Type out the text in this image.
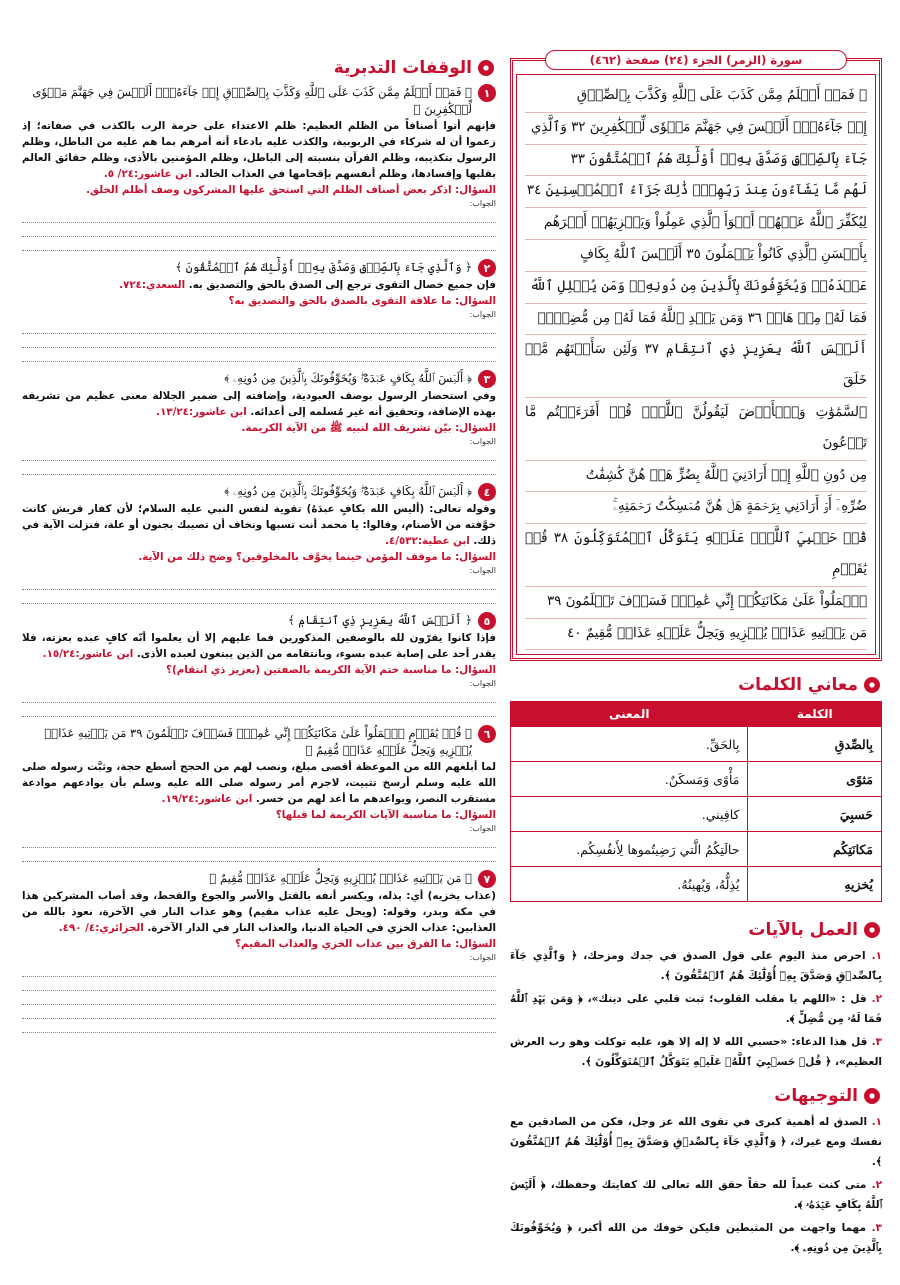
الوقفات التدبرية
١
﴿ فَمَنۡ أَظۡلَمُ مِمَّن كَذَبَ عَلَى ٱللَّهِ وَكَذَّبَ بِٱلصِّدۡقِ إِذۡ جَآءَهُۥٓۚ أَلَيۡسَ فِي جَهَنَّمَ مَثۡوٗى لِّلۡكَٰفِرِينَ ﴾
فإنهم أتوا أصنافاً من الظلم العظيم: ظلم الاعتداء على حرمة الرب بالكذب في صفاته؛ إذ زعموا أن له شركاء في الربوبية، والكذب عليه بادعاء أنه أمرهم بما هم عليه من الباطل، وظلم الرسول بتكذيبه، وظلم القرآن بنسبته إلى الباطل، وظلم المؤمنين بالأذى، وظلم حقائق العالم بقلبها وإفسادها، وظلم أنفسهم بإقحامها في العذاب الخالد. ابن عاشور:٢٤/ ٥.
السؤال: اذكر بعض أصناف الظلم التي استحق عليها المشركون وصف أظلم الخلق.
الجواب:
٢
﴿ وَٱلَّذِي جَآءَ بِٱلصِّدۡقِ وَصَدَّقَ بِهِۦٓ أُوْلَٰٓئِكَ هُمُ ٱلۡمُتَّقُونَ ﴾
فإن جميع خصال التقوى ترجع إلى الصدق بالحق والتصديق به. السعدي:٧٢٤.
السؤال: ما علاقة التقوى بالصدق بالحق والتصديق به؟
الجواب:
٣
﴿ أَلَيۡسَ ٱللَّهُ بِكَافٍ عَبۡدَهُۥۖ وَيُخَوِّفُونَكَ بِٱلَّذِينَ مِن دُونِهِۦ ﴾
وفي استحضار الرسول بوصف العبودية، وإضافته إلى ضمير الجلالة معنى عظيم من تشريفه بهذه الإضافة، وتحقيق أنه غير مُسلمه إلى أعدائه. ابن عاشور:١٣/٢٤.
السؤال: بيّن تشريف الله لنبيه ﷺ من الآية الكريمة.
الجواب:
٤
﴿ أَلَيۡسَ ٱللَّهُ بِكَافٍ عَبۡدَهُۥۖ وَيُخَوِّفُونَكَ بِٱلَّذِينَ مِن دُونِهِۦ ﴾
وقوله تعالى: (أليس الله بكافٍ عبدَهُ) تقوية لنفس النبي عليه السلام؛ لأن كفار قريش كانت خوَّفته من الأصنام، وقالوا: يا محمد أنت تسبها ونخاف أن تصيبك بجنون أو علة، فنزلت الآية في ذلك. ابن عطية:٤/٥٣٢.
السؤال: ما موقف المؤمن حينما يخوَّف بالمخلوقين؟ وضح ذلك من الآية.
الجواب:
٥
﴿ أَلَيۡسَ ٱللَّهُ بِعَزِيزٖ ذِي ٱنتِقَامٖ ﴾
فإذا كانوا يقرّون لله بالوصفين المذكورين فما عليهم إلا أن يعلموا أنّه كافٍ عبده بعزته، فلا يقدر أحد على إصابة عبده بسوء، وبانتقامه من الذين يبتغون لعبده الأذى. ابن عاشور:١٥/٢٤.
السؤال: ما مناسبة ختم الآية الكريمة بالصفتين (بعزيز ذي انتقام)؟
الجواب:
٦
﴿ قُلۡ يَٰقَوۡمِ ٱعۡمَلُواْ عَلَىٰ مَكَانَتِكُمۡ إِنِّي عَٰمِلٞۖ فَسَوۡفَ تَعۡلَمُونَ ٣٩ مَن يَأۡتِيهِ عَذَابٞ يُخۡزِيهِ وَيَحِلُّ عَلَيۡهِ عَذَابٞ مُّقِيمٌ ﴾
لما أبلغهم الله من الموعظة أقصى مبلغ، ونصب لهم من الحجج أسطع حجة، وثبَّت رسوله صلى الله عليه وسلم أرسخ تثبيت، لاجرم أمر رسوله صلى الله عليه وسلم بأن يوادعهم موادعة مستقرب النصر، ويواعدهم ما أعد لهم من خسر. ابن عاشور:١٩/٢٤.
السؤال: ما مناسبة الآيات الكريمة لما قبلها؟
الجواب:
٧
﴿ مَن يَأۡتِيهِ عَذَابٞ يُخۡزِيهِ وَيَحِلُّ عَلَيۡهِ عَذَابٞ مُّقِيمٌ ﴾
(عذاب يخزيه) أي: يذله، ويكسر أنفه بالقتل والأسر والجوع والقحط، وقد أصاب المشركين هذا في مكة وبدر، وقوله: (ويحل عليه عذاب مقيم) وهو عذاب النار في الآخرة، نعوذ بالله من العذابين: عذاب الخزي في الحياة الدنيا، والعذاب النار في الدار الآخرة. الجزائري:٤/ ٤٩٠.
السؤال: ما الفرق بين عذاب الخزي والعذاب المقيم؟
الجواب:
سورة (الزمر) الجزء (٢٤) صفحة (٤٦٢)
۞ فَمَنۡ أَظۡلَمُ مِمَّن كَذَبَ عَلَى ٱللَّهِ وَكَذَّبَ بِٱلصِّدۡقِ
إِذۡ جَآءَهُۥٓۚ أَلَيۡسَ فِي جَهَنَّمَ مَثۡوٗى لِّلۡكَٰفِرِينَ ٣٢ وَٱلَّذِي
جَآءَ بِٱلصِّدۡقِ وَصَدَّقَ بِهِۦٓ أُوْلَٰٓئِكَ هُمُ ٱلۡمُتَّقُونَ ٣٣
لَهُم مَّا يَشَآءُونَ عِندَ رَبِّهِمۡۚ ذَٰلِكَ جَزَآءُ ٱلۡمُحۡسِنِينَ ٣٤
لِيُكَفِّرَ ٱللَّهُ عَنۡهُمۡ أَسۡوَأَ ٱلَّذِي عَمِلُواْ وَيَجۡزِيَهُمۡ أَجۡرَهُم
بِأَحۡسَنِ ٱلَّذِي كَانُواْ يَعۡمَلُونَ ٣٥ أَلَيۡسَ ٱللَّهُ بِكَافٍ
عَبۡدَهُۥۖ وَيُخَوِّفُونَكَ بِٱلَّذِينَ مِن دُونِهِۦۚ وَمَن يُضۡلِلِ ٱللَّهُ
فَمَا لَهُۥ مِنۡ هَادٖ ٣٦ وَمَن يَهۡدِ ٱللَّهُ فَمَا لَهُۥ مِن مُّضِلٍّۗ
أَلَيۡسَ ٱللَّهُ بِعَزِيزٖ ذِي ٱنتِقَامٖ ٣٧ وَلَئِن سَأَلۡتَهُم مَّنۡ خَلَقَ
ٱلسَّمَٰوَٰتِ وَٱلۡأَرۡضَ لَيَقُولُنَّ ٱللَّهُۚ قُلۡ أَفَرَءَيۡتُم مَّا تَدۡعُونَ
مِن دُونِ ٱللَّهِ إِنۡ أَرَادَنِيَ ٱللَّهُ بِضُرٍّ هَلۡ هُنَّ كَٰشِفَٰتُ
ضُرِّهِۦٓ أَوۡ أَرَادَنِي بِرَحۡمَةٍ هَلۡ هُنَّ مُمۡسِكَٰتُ رَحۡمَتِهِۦۚ
قُلۡ حَسۡبِيَ ٱللَّهُۖ عَلَيۡهِ يَتَوَكَّلُ ٱلۡمُتَوَكِّلُونَ ٣٨ قُلۡ يَٰقَوۡمِ
ٱعۡمَلُواْ عَلَىٰ مَكَانَتِكُمۡ إِنِّي عَٰمِلٞۖ فَسَوۡفَ تَعۡلَمُونَ ٣٩
مَن يَأۡتِيهِ عَذَابٞ يُخۡزِيهِ وَيَحِلُّ عَلَيۡهِ عَذَابٞ مُّقِيمٌ ٤٠
معاني الكلمات
الكلمة	المعنى
بِالصِّدقِ	بِالحَقِّ.
مَثوًى	مَأْوًى وَمَسكَنٌ.
حَسبِيَ	كافِيني.
مَكانَتِكُم	حالَتِكُمُ الَّتي رَضِيتُموها لِأَنفُسِكُم.
يُخزيهِ	يُذِلُّهُ، وَيُهينُهُ.
العمل بالآيات
١. احرص منذ اليوم على قول الصدق في جدك ومزحك، ﴿ وَٱلَّذِي جَآءَ بِٱلصِّدۡقِ وَصَدَّقَ بِهِۦٓ أُوْلَٰٓئِكَ هُمُ ٱلۡمُتَّقُونَ ﴾.
٢. قل : «اللهم يا مقلب القلوب؛ ثبت قلبي على دينك»، ﴿ وَمَن يَهۡدِ ٱللَّهُ فَمَا لَهُۥ مِن مُّضِلٍّ ﴾.
٣. قل هذا الدعاء: «حسبي الله لا إله إلا هو، عليه توكلت وهو رب العرش العظيم»، ﴿ قُلۡ حَسۡبِيَ ٱللَّهُۖ عَلَيۡهِ يَتَوَكَّلُ ٱلۡمُتَوَكِّلُونَ ﴾.
التوجيهات
١. الصدق له أهمية كبرى في تقوى الله عز وجل، فكن من الصادقين مع نفسك ومع غيرك، ﴿ وَٱلَّذِي جَآءَ بِٱلصِّدۡقِ وَصَدَّقَ بِهِۦٓ أُوْلَٰٓئِكَ هُمُ ٱلۡمُتَّقُونَ ﴾.
٢. متى كنت عبداً لله حقاً حقق الله تعالى لك كفايتك وحفظك، ﴿ أَلَيۡسَ ٱللَّهُ بِكَافٍ عَبۡدَهُۥ ﴾.
٣. مهما واجهت من المثبطين فليكن خوفك من الله أكبر، ﴿ وَيُخَوِّفُونَكَ بِٱلَّذِينَ مِن دُونِهِۦ ﴾.
